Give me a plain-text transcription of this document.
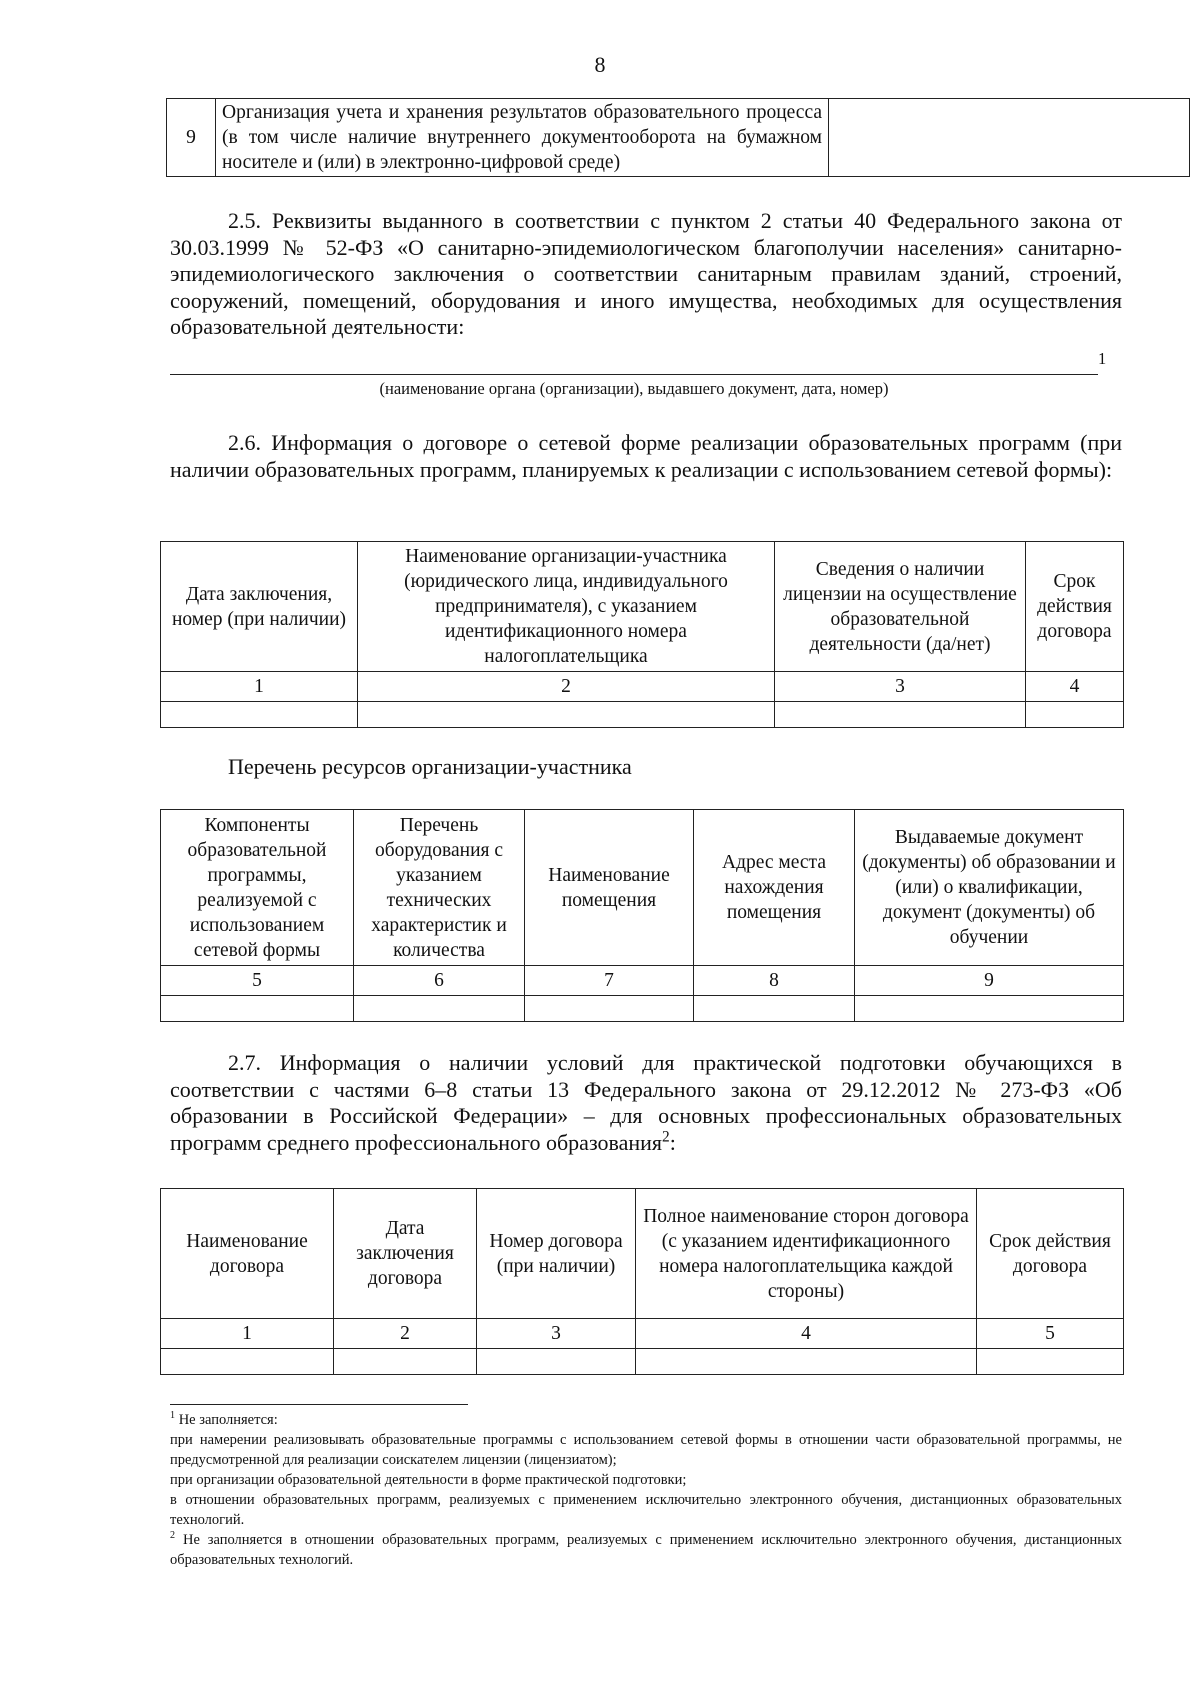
8
9	Организация учета и хранения результатов образовательного процесса (в том числе наличие внутреннего документооборота на бумажном носителе и (или) в электронно-цифровой среде)	

2.5. Реквизиты выданного в соответствии с пунктом 2 статьи 40 Федерального закона от 30.03.1999 № 52-ФЗ «О санитарно-эпидемиологическом благополучии населения» санитарно-эпидемиологического заключения о соответствии санитарным правилам зданий, строений, сооружений, помещений, оборудования и иного имущества, необходимых для осуществления образовательной деятельности:

1
(наименование органа (организации), выдавшего документ, дата, номер)

2.6. Информация о договоре о сетевой форме реализации образовательных программ (при наличии образовательных программ, планируемых к реализации с использованием сетевой формы):

Дата заключения, номер (при наличии)	Наименование организации-участника (юридического лица, индивидуального предпринимателя), с указанием идентификационного номера налогоплательщика	Сведения о наличии лицензии на осуществление образовательной деятельности (да/нет)	Срок действия договора
1	2	3	4

Перечень ресурсов организации-участника
Компоненты образовательной программы, реализуемой с использованием сетевой формы	Перечень оборудования с указанием технических характеристик и количества	Наименование помещения	Адрес места нахождения помещения	Выдаваемые документ (документы) об образовании и (или) о квалификации, документ (документы) об обучении
5	6	7	8	9

2.7. Информация о наличии условий для практической подготовки обучающихся в соответствии с частями 6–8 статьи 13 Федерального закона от 29.12.2012 № 273-ФЗ «Об образовании в Российской Федерации» – для основных профессиональных образовательных программ среднего профессионального образования$^2$:

Наименование договора	Дата заключения договора	Номер договора (при наличии)	Полное наименование сторон договора (с указанием идентификационного номера налогоплательщика каждой стороны)	Срок действия договора
1	2	3	4	5

$^1$ Не заполняется:

при намерении реализовывать образовательные программы с использованием сетевой формы в отношении части образовательной программы, не предусмотренной для реализации соискателем лицензии (лицензиатом);

при организации образовательной деятельности в форме практической подготовки;

в отношении образовательных программ, реализуемых с применением исключительно электронного обучения, дистанционных образовательных технологий.

$^2$ Не заполняется в отношении образовательных программ, реализуемых с применением исключительно электронного обучения, дистанционных образовательных технологий.
